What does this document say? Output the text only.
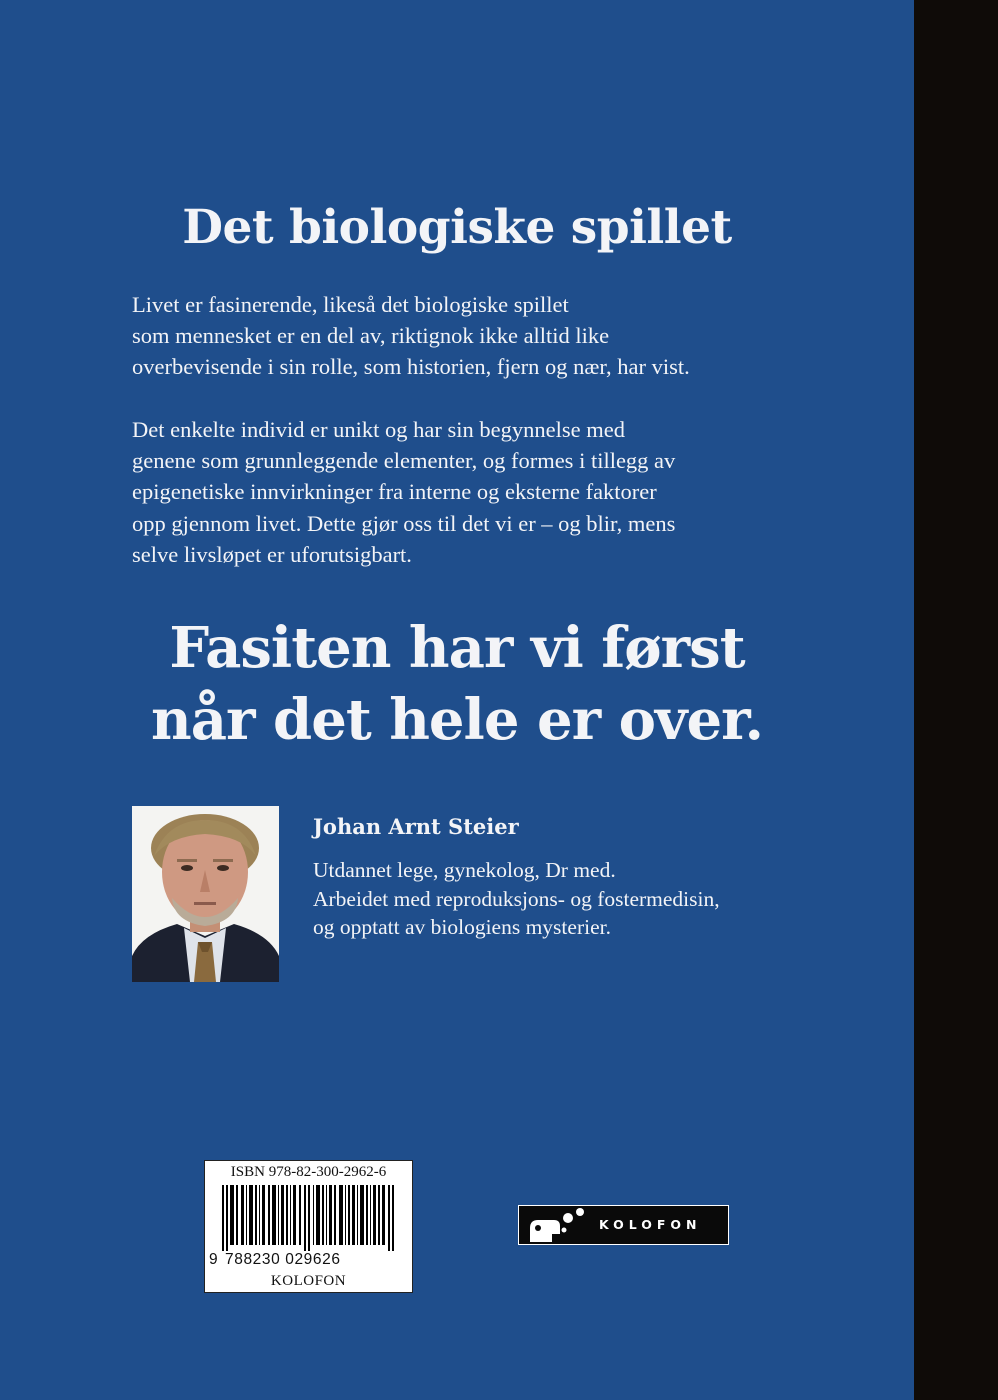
Det biologiske spillet

Livet er fasinerende, likeså det biologiske spillet
som mennesket er en del av, riktignok ikke alltid like
overbevisende i sin rolle, som historien, fjern og nær, har vist.

Det enkelte individ er unikt og har sin begynnelse med
genene som grunnleggende elementer, og formes i tillegg av
epigenetiske innvirkninger fra interne og eksterne faktorer
opp gjennom livet. Dette gjør oss til det vi er – og blir, mens
selve livsløpet er uforutsigbart.

Fasiten har vi først
når det hele er over.
Johan Arnt Steier

Utdannet lege, gynekolog, Dr med.
Arbeidet med reproduksjons- og fostermedisin,
og opptatt av biologiens mysterier.

ISBN 978-82-300-2962-6
9 788230 029626
KOLOFON
KOLOFON
